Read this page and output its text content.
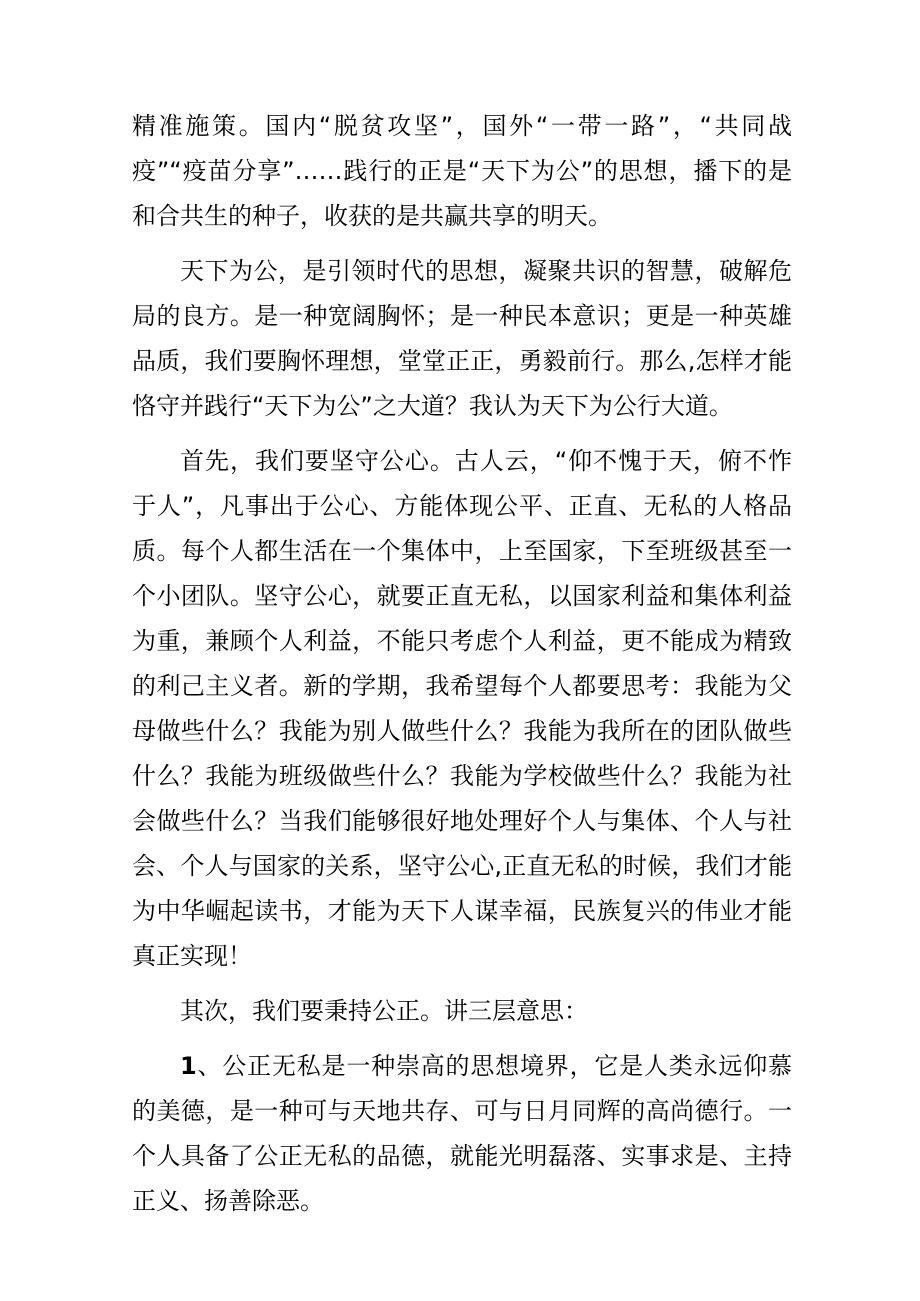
精准施策。国内“脱贫攻坚”，国外“一带一路”，“共同战疫”“疫苗分享”……践行的正是“天下为公”的思想，播下的是和合共生的种子，收获的是共赢共享的明天。

天下为公，是引领时代的思想，凝聚共识的智慧，破解危局的良方。是一种宽阔胸怀；是一种民本意识；更是一种英雄品质，我们要胸怀理想，堂堂正正，勇毅前行。那么,怎样才能恪守并践行“天下为公”之大道？我认为天下为公行大道。

首先，我们要坚守公心。古人云，“仰不愧于天，俯不怍于人”，凡事出于公心、方能体现公平、正直、无私的人格品质。每个人都生活在一个集体中，上至国家，下至班级甚至一个小团队。坚守公心，就要正直无私，以国家利益和集体利益为重，兼顾个人利益，不能只考虑个人利益，更不能成为精致的利己主义者。新的学期，我希望每个人都要思考：我能为父母做些什么？我能为别人做些什么？我能为我所在的团队做些什么？我能为班级做些什么？我能为学校做些什么？我能为社会做些什么？当我们能够很好地处理好个人与集体、个人与社会、个人与国家的关系，坚守公心,正直无私的时候，我们才能为中华崛起读书，才能为天下人谋幸福，民族复兴的伟业才能真正实现！

其次，我们要秉持公正。讲三层意思：

1、公正无私是一种崇高的思想境界，它是人类永远仰慕的美德，是一种可与天地共存、可与日月同辉的高尚德行。一个人具备了公正无私的品德，就能光明磊落、实事求是、主持正义、扬善除恶。
